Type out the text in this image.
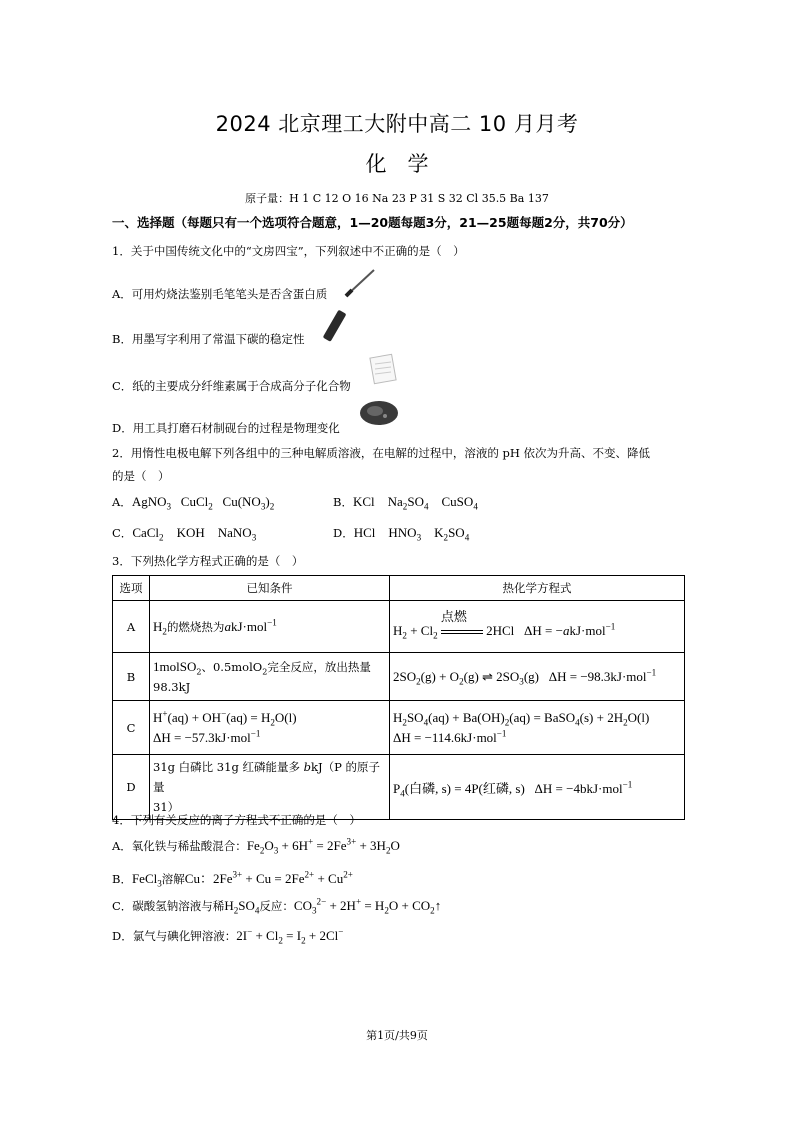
2024 北京理工大附中高二 10 月月考
化　学
原子量：H 1 C 12 O 16 Na 23 P 31 S 32 Cl 35.5 Ba 137
一、选择题（每题只有一个选项符合题意，1—20题每题3分，21—25题每题2分，共70分）
1．关于中国传统文化中的“文房四宝”，下列叙述中不正确的是（　）
A．可用灼烧法鉴别毛笔笔头是否含蛋白质
B．用墨写字利用了常温下碳的稳定性
C．纸的主要成分纤维素属于合成高分子化合物
D．用工具打磨石材制砚台的过程是物理变化
2．用惰性电极电解下列各组中的三种电解质溶液，在电解的过程中，溶液的 pH 依次为升高、不变、降低
的是（　）
A．AgNO$_3$   CuCl$_2$   $Cu(NO_3)_2$	B．KCl    $Na_2SO_4$    CuSO$_4$
C．CaCl$_2$    KOH    NaNO$_3$	D．HCl    $HNO_3$    $K_2SO_4$
3．下列热化学方程式正确的是（　）
选项	已知条件	热化学方程式
A	$H_2$的燃烧热为akJ·mol$^{-1}$	$H_2 + Cl_2$
点燃
2HCl   ΔH = −akJ·mol$^{-1}$
B	1molSO$_2$、0.5molO$_2$完全反应，放出热量
98.3kJ	$2SO_2(g) + O_2(g)$ ⇌ $2SO_3(g) \Delta H = -98.3kJ\cdot mol^{-1}$
C	$H^+(aq) + OH^-(aq) = H_2O(l)$
ΔH = −57.3kJ·mol$^{-1}$	$H_2SO_4(aq) + Ba(OH)_2(aq)$ = BaSO$_4$(s) + $2H_2O(l)$
ΔH = −114.6kJ·mol$^{-1}$
D	31g 白磷比 31g 红磷能量多 bkJ（P 的原子量
31）	$P_4$(白磷, s) = 4P(红磷, s)   ΔH = −4bkJ·mol$^{-1}$
4．下列有关反应的离子方程式不正确的是（　）
A．氧化铁与稀盐酸混合：$Fe_2O_3 + 6H^+ = 2Fe^{3+} + 3H_2O$
B．FeCl$_3$溶解Cu：$2Fe^{3+} + Cu = 2Fe^{2+} + Cu^{2+}$
C．碳酸氢钠溶液与稀$H_2SO_4$反应：$CO_3^{2-} + 2H^+ = H_2O$ + $CO_2↑$
D．氯气与碘化钾溶液：$2I^- + Cl_2 = I_2 + 2Cl^-$
第1页/共9页
